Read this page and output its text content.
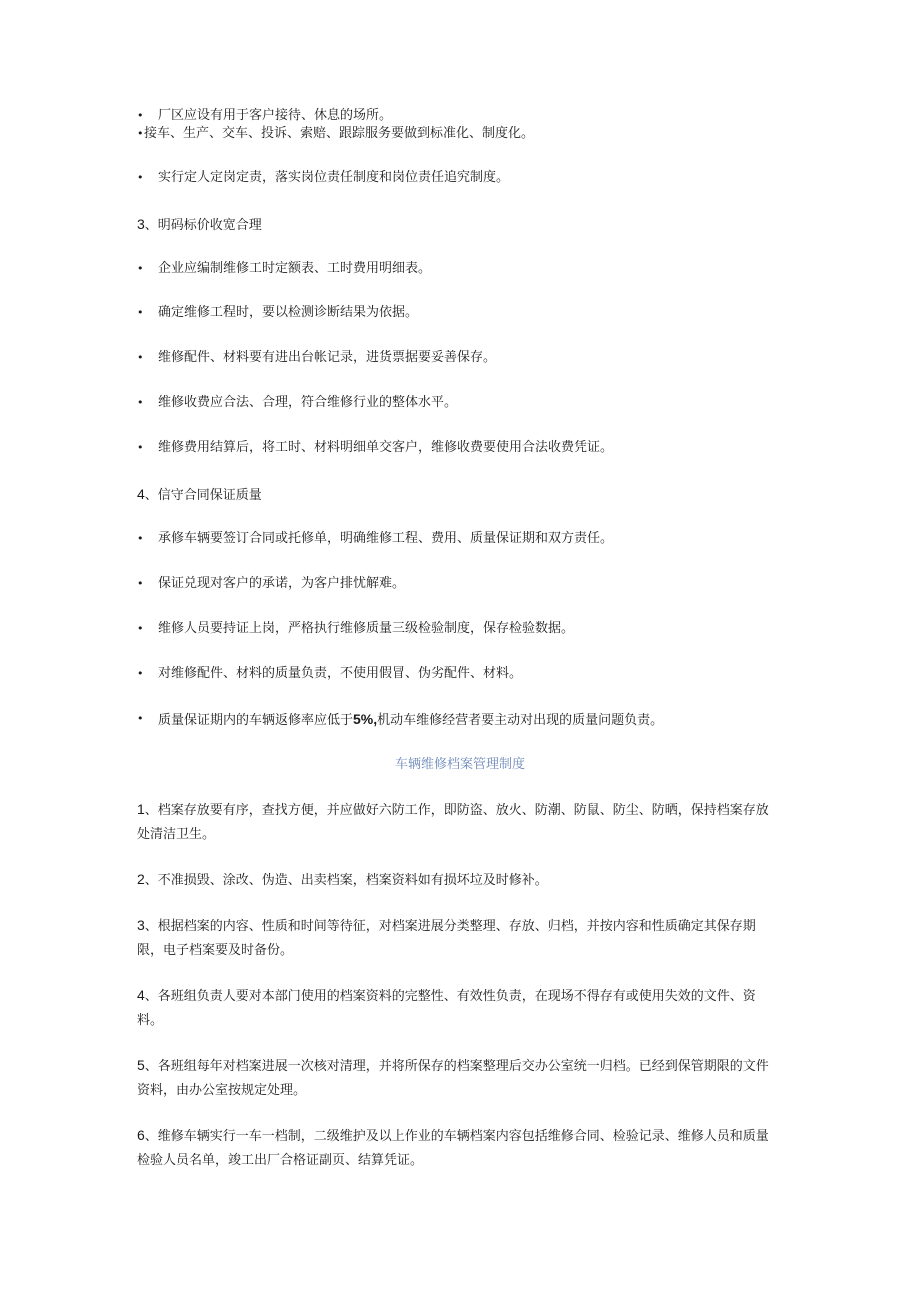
• 厂区应设有用于客户接待、休息的场所。
• 接车、生产、交车、投诉、索赔、跟踪服务要做到标准化、制度化。
• 实行定人定岗定责，落实岗位责任制度和岗位责任追究制度。
3、明码标价收宽合理
• 企业应编制维修工时定额表、工时费用明细表。
• 确定维修工程时，要以检测诊断结果为依据。
• 维修配件、材料要有进出台帐记录，进货票据要妥善保存。
• 维修收费应合法、合理，符合维修行业的整体水平。
• 维修费用结算后，将工时、材料明细单交客户，维修收费要使用合法收费凭证。
4、信守合同保证质量
• 承修车辆要签订合同或托修单，明确维修工程、费用、质量保证期和双方责任。
• 保证兑现对客户的承诺，为客户排忧解难。
• 维修人员要持证上岗，严格执行维修质量三级检验制度，保存检验数据。
• 对维修配件、材料的质量负责，不使用假冒、伪劣配件、材料。
• 质量保证期内的车辆返修率应低于5%,机动车维修经营者要主动对出现的质量问题负责。
车辆维修档案管理制度
1、档案存放要有序，查找方便，并应做好六防工作，即防盗、放火、防潮、防鼠、防尘、防晒，保持档案存放
处清洁卫生。
2、不准损毁、涂改、伪造、出卖档案，档案资料如有损坏垃及时修补。
3、根据档案的内容、性质和时间等待征，对档案进展分类整理、存放、归档，并按内容和性质确定其保存期
限，电子档案要及时备份。
4、各班组负责人要对本部门使用的档案资料的完整性、有效性负责，在现场不得存有或使用失效的文件、资
料。
5、各班组每年对档案进展一次核对清理，并将所保存的档案整理后交办公室统一归档。已经到保管期限的文件
资料，由办公室按规定处理。
6、维修车辆实行一车一档制，二级维护及以上作业的车辆档案内容包括维修合同、检验记录、维修人员和质量
检验人员名单，竣工出厂合格证副页、结算凭证。
